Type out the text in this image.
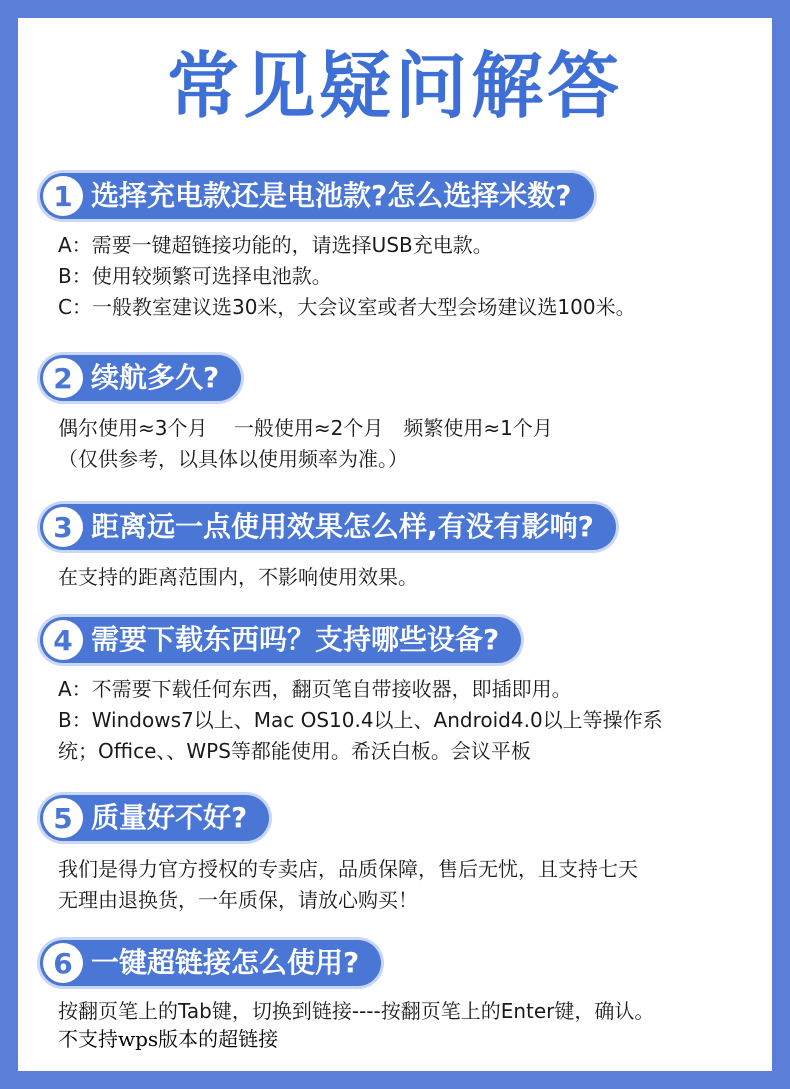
常见疑问解答
1 选择充电款还是电池款?怎么选择米数?
A：需要一键超链接功能的，请选择USB充电款。
B：使用较频繁可选择电池款。
C：一般教室建议选30米，大会议室或者大型会场建议选100米。
2 续航多久?
偶尔使用≈3个月　 一般使用≈2个月　频繁使用≈1个月
（仅供参考，以具体以使用频率为准。）
3 距离远一点使用效果怎么样,有没有影响?
在支持的距离范围内，不影响使用效果。
4 需要下载东西吗？支持哪些设备?
A：不需要下载任何东西，翻页笔自带接收器，即插即用。
B：Windows7以上、Mac OS10.4以上、Android4.0以上等操作系
统；Office、、WPS等都能使用。希沃白板。会议平板
5 质量好不好?
我们是得力官方授权的专卖店，品质保障，售后无忧，且支持七天
无理由退换货，一年质保，请放心购买！
6 一键超链接怎么使用?
按翻页笔上的Tab键，切换到链接----按翻页笔上的Enter键，确认。
不支持wps版本的超链接
